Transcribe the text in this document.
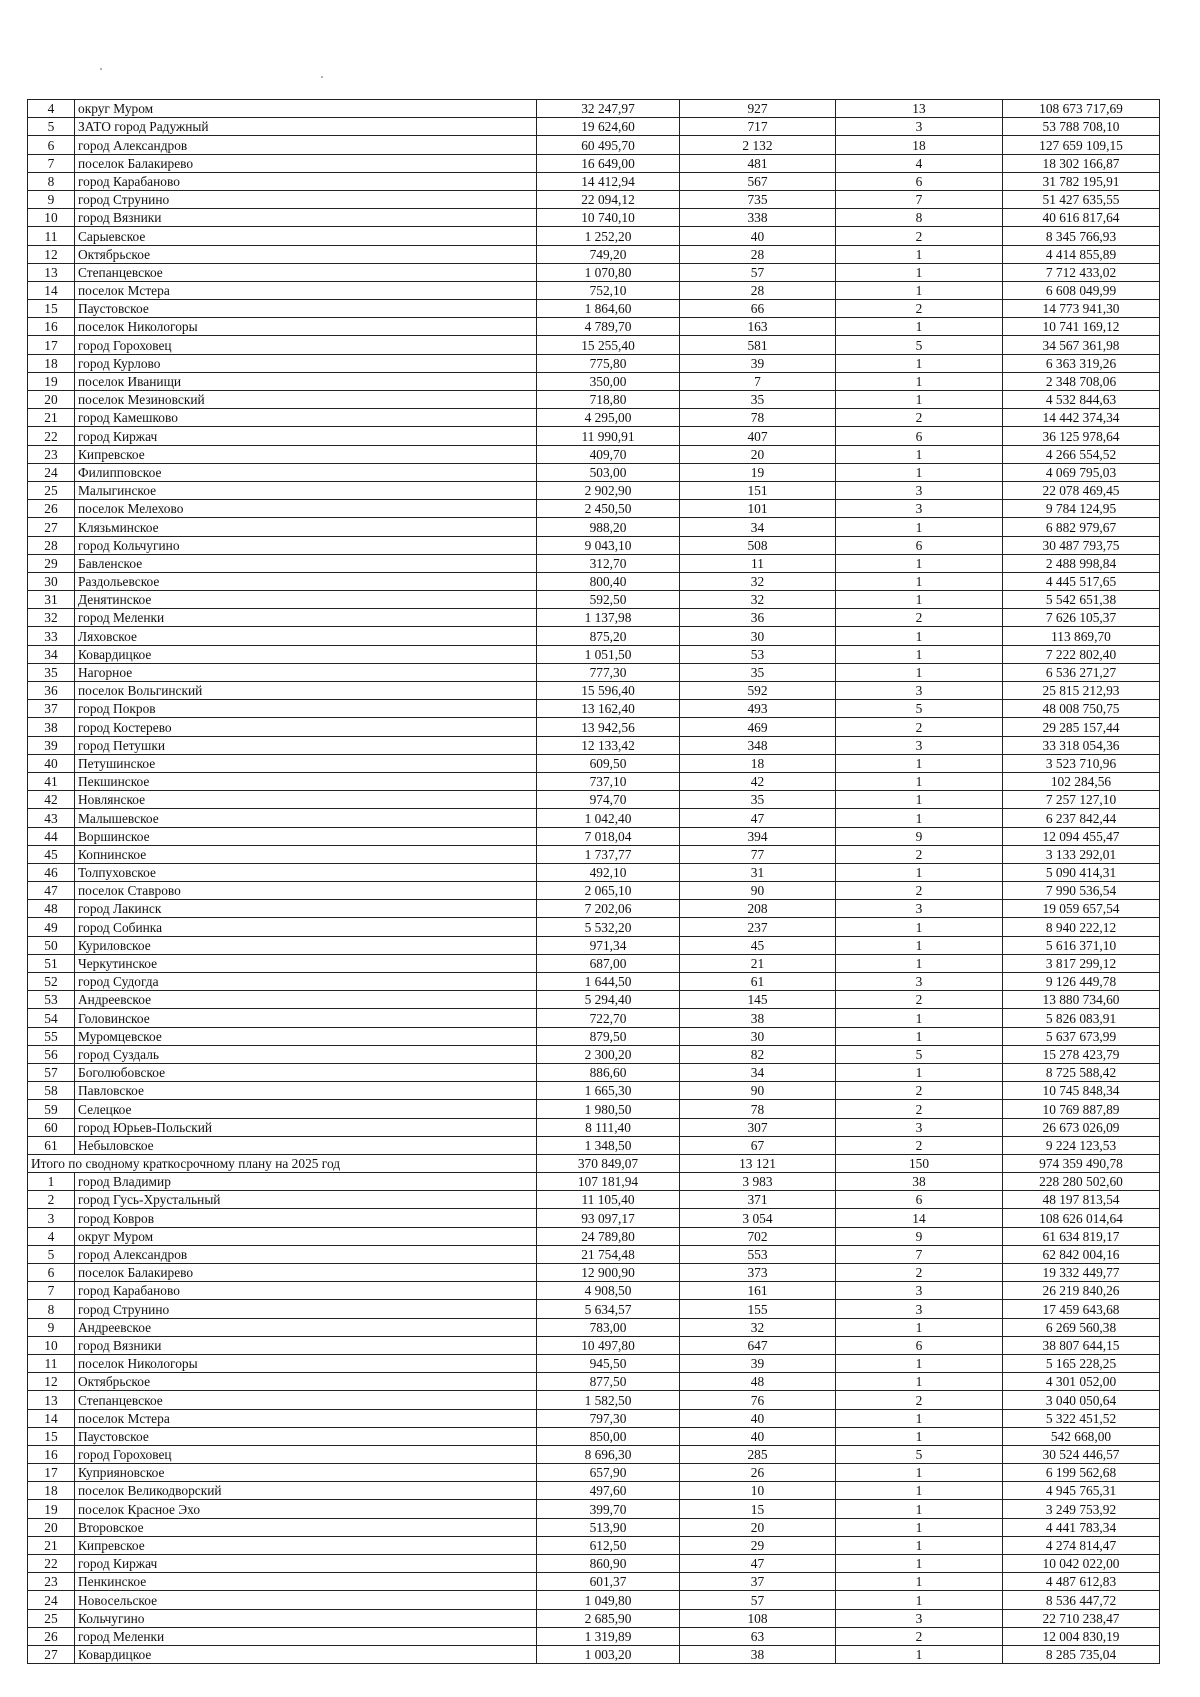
4	округ Муром	32 247,97	927	13	108 673 717,69
5	ЗАТО город Радужный	19 624,60	717	3	53 788 708,10
6	город Александров	60 495,70	2 132	18	127 659 109,15
7	поселок Балакирево	16 649,00	481	4	18 302 166,87
8	город Карабаново	14 412,94	567	6	31 782 195,91
9	город Струнино	22 094,12	735	7	51 427 635,55
10	город Вязники	10 740,10	338	8	40 616 817,64
11	Сарыевское	1 252,20	40	2	8 345 766,93
12	Октябрьское	749,20	28	1	4 414 855,89
13	Степанцевское	1 070,80	57	1	7 712 433,02
14	поселок Мстера	752,10	28	1	6 608 049,99
15	Паустовское	1 864,60	66	2	14 773 941,30
16	поселок Никологоры	4 789,70	163	1	10 741 169,12
17	город Гороховец	15 255,40	581	5	34 567 361,98
18	город Курлово	775,80	39	1	6 363 319,26
19	поселок Иванищи	350,00	7	1	2 348 708,06
20	поселок Мезиновский	718,80	35	1	4 532 844,63
21	город Камешково	4 295,00	78	2	14 442 374,34
22	город Киржач	11 990,91	407	6	36 125 978,64
23	Кипревское	409,70	20	1	4 266 554,52
24	Филипповское	503,00	19	1	4 069 795,03
25	Малыгинское	2 902,90	151	3	22 078 469,45
26	поселок Мелехово	2 450,50	101	3	9 784 124,95
27	Клязьминское	988,20	34	1	6 882 979,67
28	город Кольчугино	9 043,10	508	6	30 487 793,75
29	Бавленское	312,70	11	1	2 488 998,84
30	Раздольевское	800,40	32	1	4 445 517,65
31	Денятинское	592,50	32	1	5 542 651,38
32	город Меленки	1 137,98	36	2	7 626 105,37
33	Ляховское	875,20	30	1	113 869,70
34	Ковардицкое	1 051,50	53	1	7 222 802,40
35	Нагорное	777,30	35	1	6 536 271,27
36	поселок Вольгинский	15 596,40	592	3	25 815 212,93
37	город Покров	13 162,40	493	5	48 008 750,75
38	город Костерево	13 942,56	469	2	29 285 157,44
39	город Петушки	12 133,42	348	3	33 318 054,36
40	Петушинское	609,50	18	1	3 523 710,96
41	Пекшинское	737,10	42	1	102 284,56
42	Новлянское	974,70	35	1	7 257 127,10
43	Малышевское	1 042,40	47	1	6 237 842,44
44	Воршинское	7 018,04	394	9	12 094 455,47
45	Копнинское	1 737,77	77	2	3 133 292,01
46	Толпуховское	492,10	31	1	5 090 414,31
47	поселок Ставрово	2 065,10	90	2	7 990 536,54
48	город Лакинск	7 202,06	208	3	19 059 657,54
49	город Собинка	5 532,20	237	1	8 940 222,12
50	Куриловское	971,34	45	1	5 616 371,10
51	Черкутинское	687,00	21	1	3 817 299,12
52	город Судогда	1 644,50	61	3	9 126 449,78
53	Андреевское	5 294,40	145	2	13 880 734,60
54	Головинское	722,70	38	1	5 826 083,91
55	Муромцевское	879,50	30	1	5 637 673,99
56	город Суздаль	2 300,20	82	5	15 278 423,79
57	Боголюбовское	886,60	34	1	8 725 588,42
58	Павловское	1 665,30	90	2	10 745 848,34
59	Селецкое	1 980,50	78	2	10 769 887,89
60	город Юрьев-Польский	8 111,40	307	3	26 673 026,09
61	Небыловское	1 348,50	67	2	9 224 123,53
Итого по сводному краткосрочному плану на 2025 год		370 849,07	13 121	150	974 359 490,78
1	город Владимир	107 181,94	3 983	38	228 280 502,60
2	город Гусь-Хрустальный	11 105,40	371	6	48 197 813,54
3	город Ковров	93 097,17	3 054	14	108 626 014,64
4	округ Муром	24 789,80	702	9	61 634 819,17
5	город Александров	21 754,48	553	7	62 842 004,16
6	поселок Балакирево	12 900,90	373	2	19 332 449,77
7	город Карабаново	4 908,50	161	3	26 219 840,26
8	город Струнино	5 634,57	155	3	17 459 643,68
9	Андреевское	783,00	32	1	6 269 560,38
10	город Вязники	10 497,80	647	6	38 807 644,15
11	поселок Никологоры	945,50	39	1	5 165 228,25
12	Октябрьское	877,50	48	1	4 301 052,00
13	Степанцевское	1 582,50	76	2	3 040 050,64
14	поселок Мстера	797,30	40	1	5 322 451,52
15	Паустовское	850,00	40	1	542 668,00
16	город Гороховец	8 696,30	285	5	30 524 446,57
17	Куприяновское	657,90	26	1	6 199 562,68
18	поселок Великодворский	497,60	10	1	4 945 765,31
19	поселок Красное Эхо	399,70	15	1	3 249 753,92
20	Второвское	513,90	20	1	4 441 783,34
21	Кипревское	612,50	29	1	4 274 814,47
22	город Киржач	860,90	47	1	10 042 022,00
23	Пенкинское	601,37	37	1	4 487 612,83
24	Новосельское	1 049,80	57	1	8 536 447,72
25	Кольчугино	2 685,90	108	3	22 710 238,47
26	город Меленки	1 319,89	63	2	12 004 830,19
27	Ковардицкое	1 003,20	38	1	8 285 735,04
